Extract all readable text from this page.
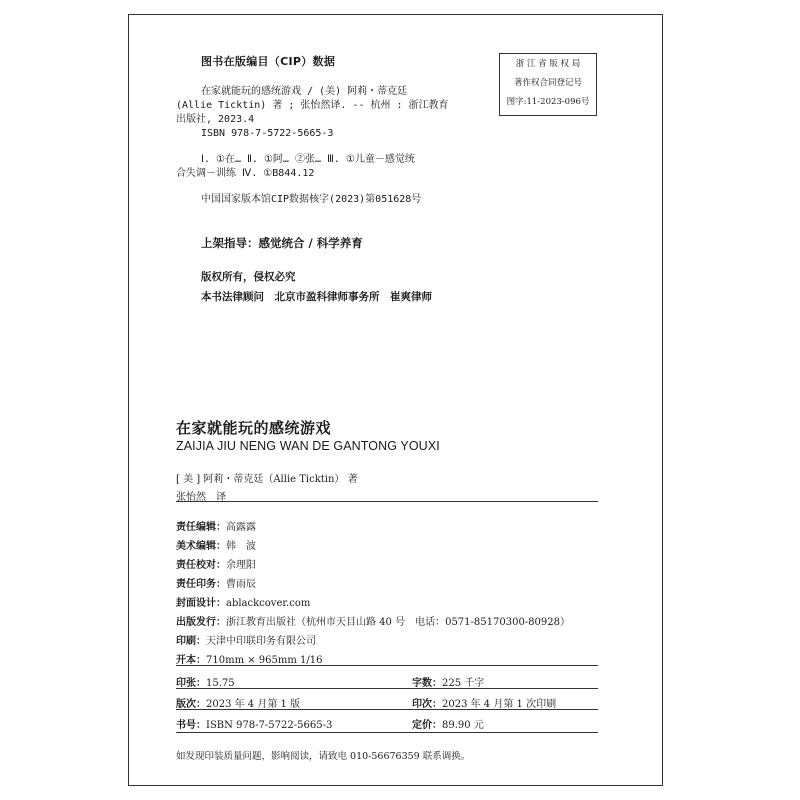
图书在版编目（CIP）数据	浙 江 省 版 权 局
著作权合同登记号
图字:11-2023-096号
在家就能玩的感统游戏 / (美) 阿莉・蒂克廷
(Allie Ticktin) 著 ; 张怡然译. -- 杭州 : 浙江教育
出版社, 2023.4
ISBN 978-7-5722-5665-3
Ⅰ. ①在… Ⅱ. ①阿… ②张… Ⅲ. ①儿童－感觉统
合失调－训练 Ⅳ. ①B844.12
中国国家版本馆CIP数据核字(2023)第051628号
上架指导：感觉统合 / 科学养育
版权所有，侵权必究
本书法律顾问　北京市盈科律师事务所　崔爽律师
在家就能玩的感统游戏
ZAIJIA JIU NENG WAN DE GANTONG YOUXI
[ 美 ] 阿莉・蒂克廷（Allie Ticktin） 著
张怡然　译
责任编辑：高露露
美术编辑：韩　波
责任校对：余理阳
责任印务：曹雨辰
封面设计：ablackcover.com
出版发行：浙江教育出版社（杭州市天目山路 40 号　电话：0571-85170300-80928）
印刷：天津中印联印务有限公司
开本：710mm × 965mm 1/16
印张：15.75	字数：225 千字
版次：2023 年 4 月第 1 版	印次：2023 年 4 月第 1 次印刷
书号：ISBN 978-7-5722-5665-3	定价：89.90 元
如发现印装质量问题，影响阅读，请致电 010-56676359 联系调换。
